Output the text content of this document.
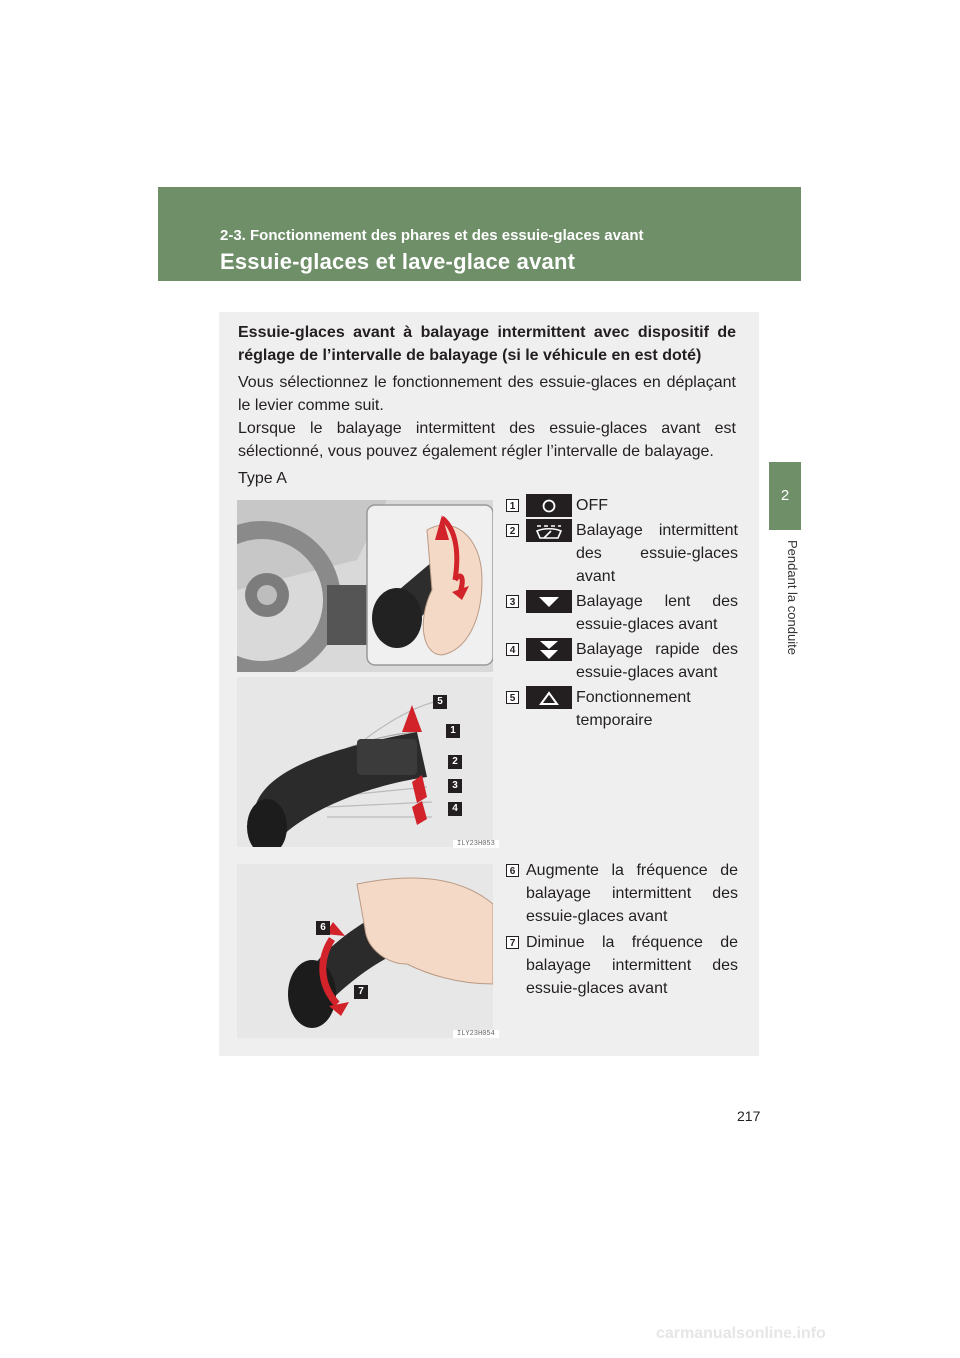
2-3. Fonctionnement des phares et des essuie-glaces avant
Essuie-glaces et lave-glace avant
2
Pendant la conduite

Essuie-glaces avant à balayage intermittent avec dispositif de réglage de l’intervalle de balayage (si le véhicule en est doté)

Vous sélectionnez le fonctionnement des essuie-glaces en déplaçant le levier comme suit.

Lorsque le balayage intermittent des essuie-glaces avant est sélectionné, vous pouvez également régler l’intervalle de balayage.

Type A
5
1
2
3
4
ILY23H053
6
7
ILY23H054
1	OFF
2	Balayage intermittent des essuie-glaces avant
3	Balayage lent des essuie-glaces avant
4	Balayage rapide des essuie-glaces avant
5	Fonctionnement temporaire
6 Augmente la fréquence de balayage intermittent des essuie-glaces avant
7 Diminue la fréquence de balayage intermittent des essuie-glaces avant
217
carmanualsonline.info
